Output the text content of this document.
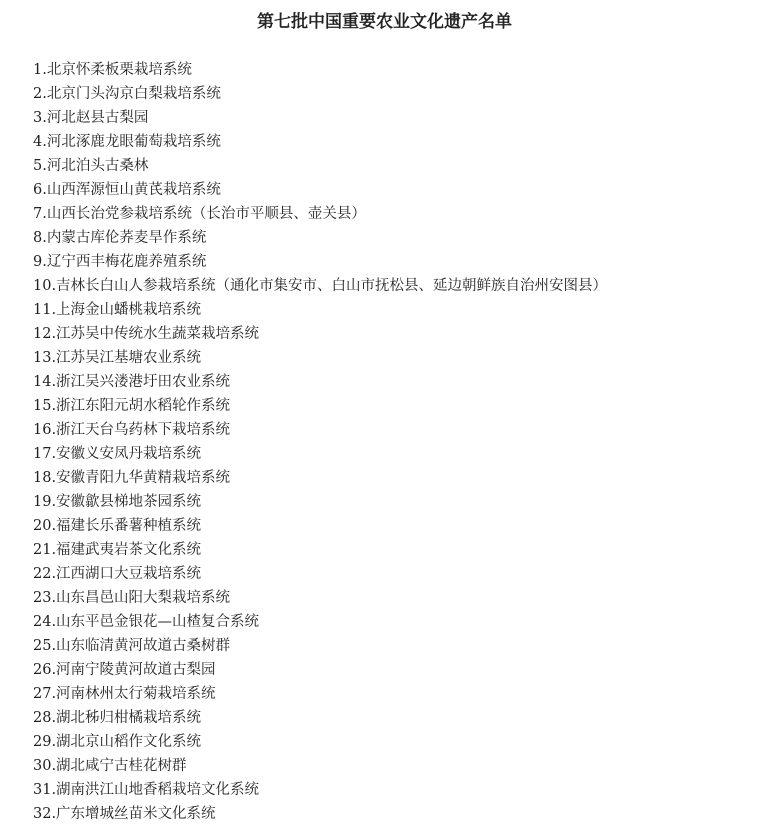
第七批中国重要农业文化遗产名单
1.北京怀柔板栗栽培系统
2.北京门头沟京白梨栽培系统
3.河北赵县古梨园
4.河北涿鹿龙眼葡萄栽培系统
5.河北泊头古桑林
6.山西浑源恒山黄芪栽培系统
7.山西长治党参栽培系统（长治市平顺县、壶关县）
8.内蒙古库伦荞麦旱作系统
9.辽宁西丰梅花鹿养殖系统
10.吉林长白山人参栽培系统（通化市集安市、白山市抚松县、延边朝鲜族自治州安图县）
11.上海金山蟠桃栽培系统
12.江苏吴中传统水生蔬菜栽培系统
13.江苏吴江基塘农业系统
14.浙江吴兴溇港圩田农业系统
15.浙江东阳元胡水稻轮作系统
16.浙江天台乌药林下栽培系统
17.安徽义安凤丹栽培系统
18.安徽青阳九华黄精栽培系统
19.安徽歙县梯地茶园系统
20.福建长乐番薯种植系统
21.福建武夷岩茶文化系统
22.江西湖口大豆栽培系统
23.山东昌邑山阳大梨栽培系统
24.山东平邑金银花—山楂复合系统
25.山东临清黄河故道古桑树群
26.河南宁陵黄河故道古梨园
27.河南林州太行菊栽培系统
28.湖北秭归柑橘栽培系统
29.湖北京山稻作文化系统
30.湖北咸宁古桂花树群
31.湖南洪江山地香稻栽培文化系统
32.广东增城丝苗米文化系统
